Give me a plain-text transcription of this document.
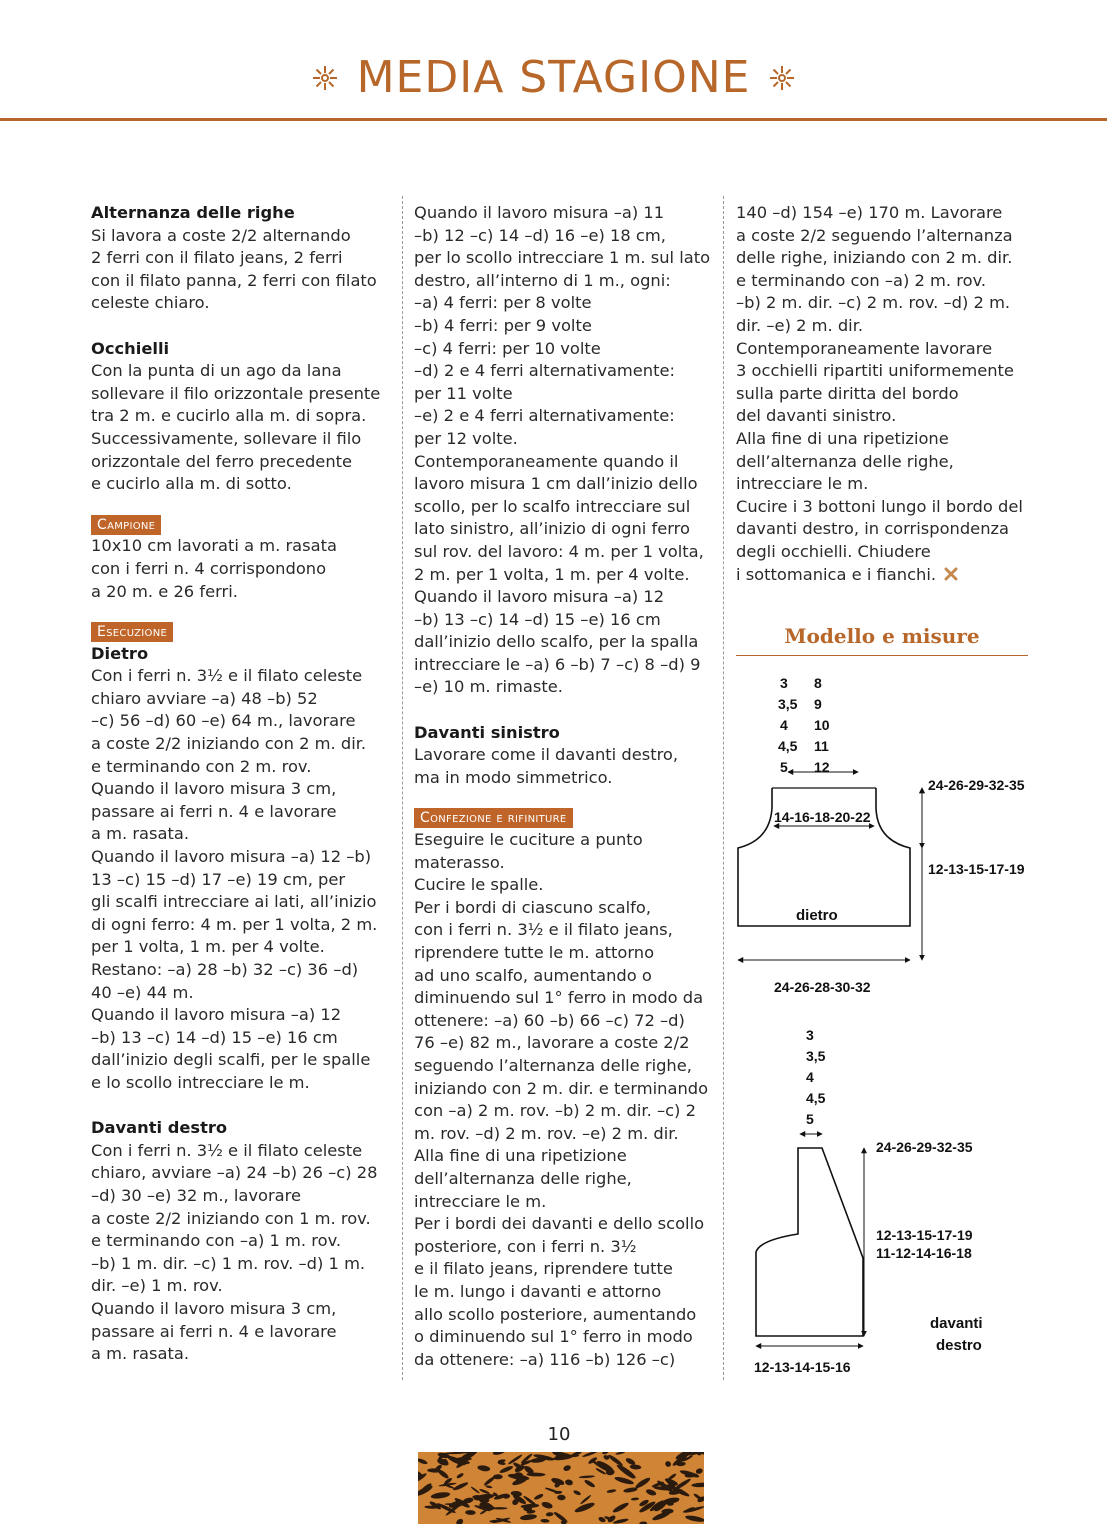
MEDIA STAGIONE

Alternanza delle righe

Si lavora a coste 2/2 alternando

2 ferri con il filato jeans, 2 ferri

con il filato panna, 2 ferri con filato

celeste chiaro.

Occhielli

Con la punta di un ago da lana

sollevare il filo orizzontale presente

tra 2 m. e cucirlo alla m. di sopra.

Successivamente, sollevare il filo

orizzontale del ferro precedente

e cucirlo alla m. di sotto.

Campione

10x10 cm lavorati a m. rasata

con i ferri n. 4 corrispondono

a 20 m. e 26 ferri.

Esecuzione

Dietro

Con i ferri n. 3½ e il filato celeste

chiaro avviare –a) 48 –b) 52

–c) 56 –d) 60 –e) 64 m., lavorare

a coste 2/2 iniziando con 2 m. dir.

e terminando con 2 m. rov.

Quando il lavoro misura 3 cm,

passare ai ferri n. 4 e lavorare

a m. rasata.

Quando il lavoro misura –a) 12 –b)

13 –c) 15 –d) 17 –e) 19 cm, per

gli scalfi intrecciare ai lati, all’inizio

di ogni ferro: 4 m. per 1 volta, 2 m.

per 1 volta, 1 m. per 4 volte.

Restano: –a) 28 –b) 32 –c) 36 –d)

40 –e) 44 m.

Quando il lavoro misura –a) 12

–b) 13 –c) 14 –d) 15 –e) 16 cm

dall’inizio degli scalfi, per le spalle

e lo scollo intrecciare le m.

Davanti destro

Con i ferri n. 3½ e il filato celeste

chiaro, avviare –a) 24 –b) 26 –c) 28

–d) 30 –e) 32 m., lavorare

a coste 2/2 iniziando con 1 m. rov.

e terminando con –a) 1 m. rov.

–b) 1 m. dir. –c) 1 m. rov. –d) 1 m.

dir. –e) 1 m. rov.

Quando il lavoro misura 3 cm,

passare ai ferri n. 4 e lavorare

a m. rasata.

Quando il lavoro misura –a) 11

–b) 12 –c) 14 –d) 16 –e) 18 cm,

per lo scollo intrecciare 1 m. sul lato

destro, all’interno di 1 m., ogni:

–a) 4 ferri: per 8 volte

–b) 4 ferri: per 9 volte

–c) 4 ferri: per 10 volte

–d) 2 e 4 ferri alternativamente:

per 11 volte

–e) 2 e 4 ferri alternativamente:

per 12 volte.

Contemporaneamente quando il

lavoro misura 1 cm dall’inizio dello

scollo, per lo scalfo intrecciare sul

lato sinistro, all’inizio di ogni ferro

sul rov. del lavoro: 4 m. per 1 volta,

2 m. per 1 volta, 1 m. per 4 volte.

Quando il lavoro misura –a) 12

–b) 13 –c) 14 –d) 15 –e) 16 cm

dall’inizio dello scalfo, per la spalla

intrecciare le –a) 6 –b) 7 –c) 8 –d) 9

–e) 10 m. rimaste.

Davanti sinistro

Lavorare come il davanti destro,

ma in modo simmetrico.

Confezione e rifiniture

Eseguire le cuciture a punto

materasso.

Cucire le spalle.

Per i bordi di ciascuno scalfo,

con i ferri n. 3½ e il filato jeans,

riprendere tutte le m. attorno

ad uno scalfo, aumentando o

diminuendo sul 1° ferro in modo da

ottenere: –a) 60 –b) 66 –c) 72 –d)

76 –e) 82 m., lavorare a coste 2/2

seguendo l’alternanza delle righe,

iniziando con 2 m. dir. e terminando

con –a) 2 m. rov. –b) 2 m. dir. –c) 2

m. rov. –d) 2 m. rov. –e) 2 m. dir.

Alla fine di una ripetizione

dell’alternanza delle righe,

intrecciare le m.

Per i bordi dei davanti e dello scollo

posteriore, con i ferri n. 3½

e il filato jeans, riprendere tutte

le m. lungo i davanti e attorno

allo scollo posteriore, aumentando

o diminuendo sul 1° ferro in modo

da ottenere: –a) 116 –b) 126 –c)

140 –d) 154 –e) 170 m. Lavorare

a coste 2/2 seguendo l’alternanza

delle righe, iniziando con 2 m. dir.

e terminando con –a) 2 m. rov.

–b) 2 m. dir. –c) 2 m. rov. –d) 2 m.

dir. –e) 2 m. dir.

Contemporaneamente lavorare

3 occhielli ripartiti uniformemente

sulla parte diritta del bordo

del davanti sinistro.

Alla fine di una ripetizione

dell’alternanza delle righe,

intrecciare le m.

Cucire i 3 bottoni lungo il bordo del

davanti destro, in corrispondenza

degli occhielli. Chiudere

i sottomanica e i fianchi.

Modello e misure
3
3,5
4
4,5
5
8
9
10
11
12
14-16-18-20-22
24-26-29-32-35
12-13-15-17-19
dietro
24-26-28-30-32
3
3,5
4
4,5
5
24-26-29-32-35
12-13-15-17-19
11-12-14-16-18
davanti
destro
12-13-14-15-16
10
